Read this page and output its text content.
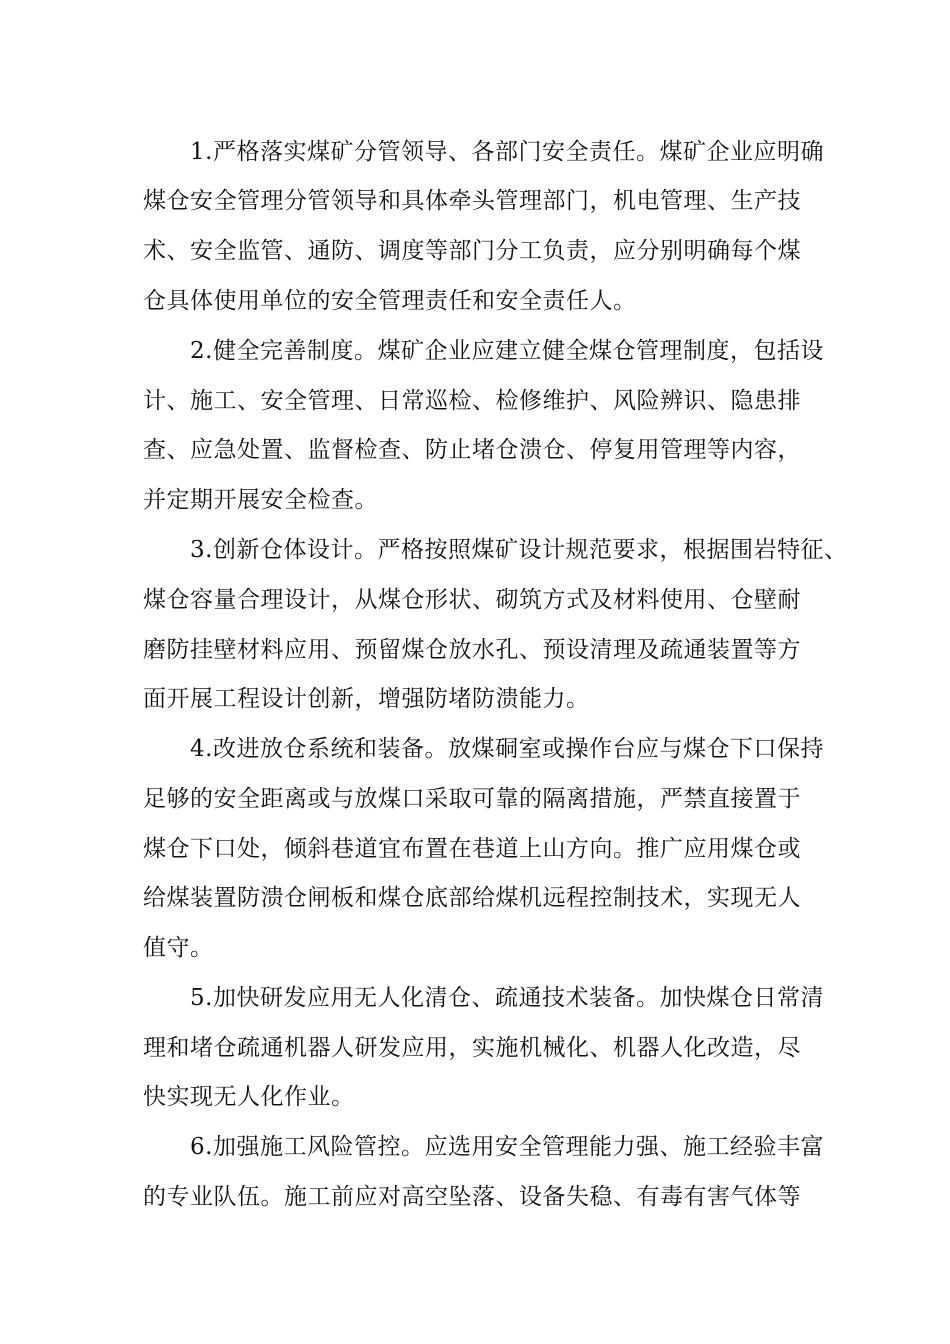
1.严格落实煤矿分管领导、各部门安全责任。煤矿企业应明确
煤仓安全管理分管领导和具体牵头管理部门，机电管理、生产技
术、安全监管、通防、调度等部门分工负责，应分别明确每个煤
仓具体使用单位的安全管理责任和安全责任人。
2.健全完善制度。煤矿企业应建立健全煤仓管理制度，包括设
计、施工、安全管理、日常巡检、检修维护、风险辨识、隐患排
查、应急处置、监督检查、防止堵仓溃仓、停复用管理等内容，
并定期开展安全检查。
3.创新仓体设计。严格按照煤矿设计规范要求，根据围岩特征、
煤仓容量合理设计，从煤仓形状、砌筑方式及材料使用、仓壁耐
磨防挂壁材料应用、预留煤仓放水孔、预设清理及疏通装置等方
面开展工程设计创新，增强防堵防溃能力。
4.改进放仓系统和装备。放煤硐室或操作台应与煤仓下口保持
足够的安全距离或与放煤口采取可靠的隔离措施，严禁直接置于
煤仓下口处，倾斜巷道宜布置在巷道上山方向。推广应用煤仓或
给煤装置防溃仓闸板和煤仓底部给煤机远程控制技术，实现无人
值守。
5.加快研发应用无人化清仓、疏通技术装备。加快煤仓日常清
理和堵仓疏通机器人研发应用，实施机械化、机器人化改造，尽
快实现无人化作业。
6.加强施工风险管控。应选用安全管理能力强、施工经验丰富
的专业队伍。施工前应对高空坠落、设备失稳、有毒有害气体等
